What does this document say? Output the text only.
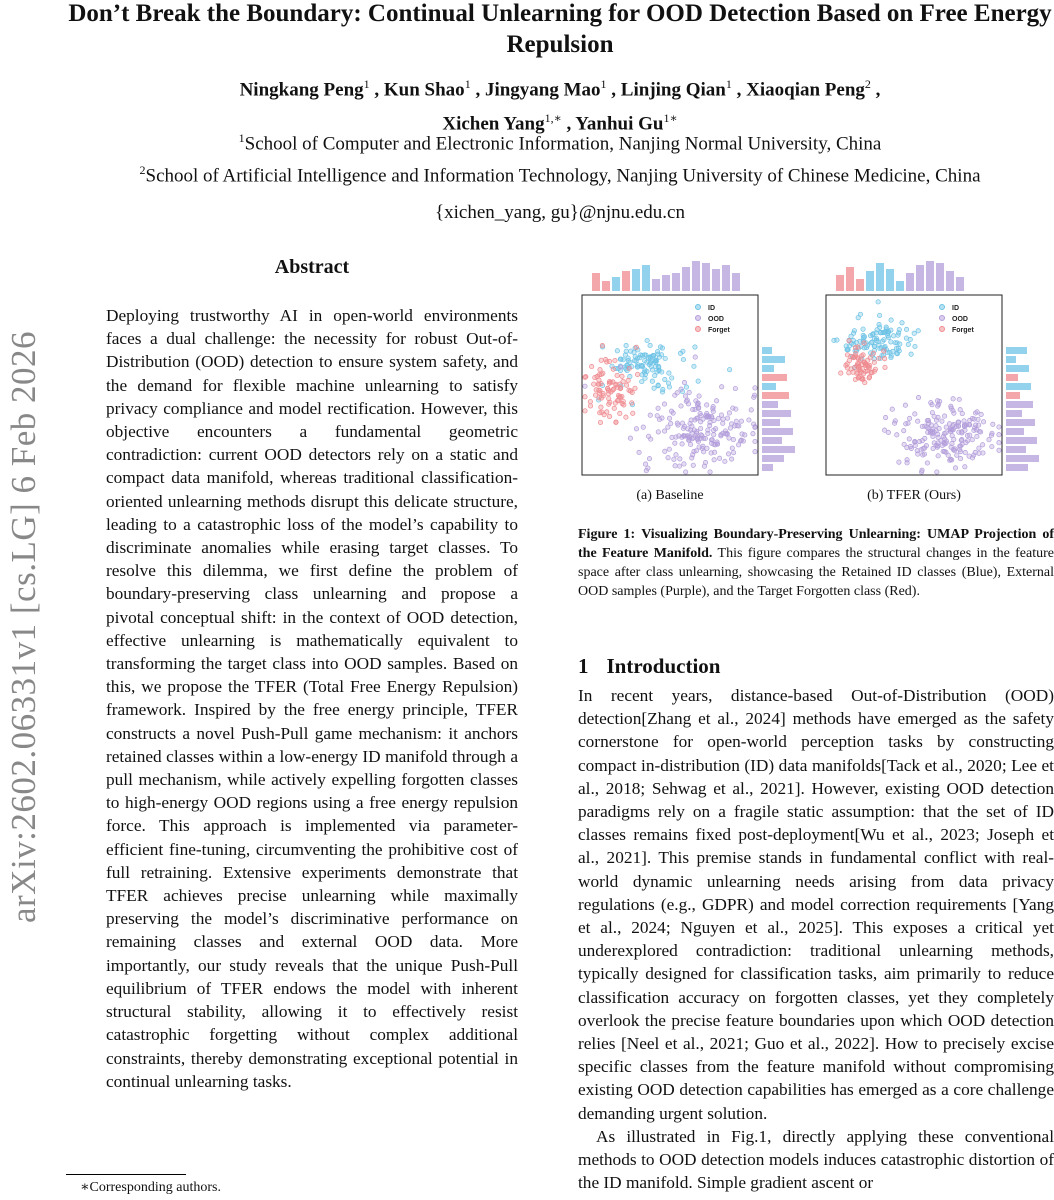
Don’t Break the Boundary: Continual Unlearning for OOD Detection Based on Free Energy Repulsion
Ningkang Peng$^1$ , Kun Shao$^1$ , Jingyang Mao$^1$ , Linjing Qian$^1$ , Xiaoqian Peng$^2$ ,
Xichen Yang$^{1,∗}$ , Yanhui $Gu^{1∗}$
$^1$School of Computer and Electronic Information, Nanjing Normal University, China
$^2$School of Artificial Intelligence and Information Technology, Nanjing University of Chinese Medicine, China
{xichen_yang, gu}@njnu.edu.cn
arXiv:2602.06331v1 [cs.LG] 6 Feb 2026
Abstract
Deploying trustworthy AI in open-world environments faces a dual challenge: the necessity for robust Out-of-Distribution (OOD) detection to ensure system safety, and the demand for flexible machine unlearning to satisfy privacy compliance and model rectification. However, this objective encounters a fundamental geometric contradiction: current OOD detectors rely on a static and compact data manifold, whereas traditional classification-oriented unlearning methods disrupt this delicate structure, leading to a catastrophic loss of the model’s capability to discriminate anomalies while erasing target classes. To resolve this dilemma, we first define the problem of boundary-preserving class unlearning and propose a pivotal conceptual shift: in the context of OOD detection, effective unlearning is mathematically equivalent to transforming the target class into OOD samples. Based on this, we propose the TFER (Total Free Energy Repulsion) framework. Inspired by the free energy principle, TFER constructs a novel Push-Pull game mechanism: it anchors retained classes within a low-energy ID manifold through a pull mechanism, while actively expelling forgotten classes to high-energy OOD regions using a free energy repulsion force. This approach is implemented via parameter-efficient fine-tuning, circumventing the prohibitive cost of full retraining. Extensive experiments demonstrate that TFER achieves precise unlearning while maximally preserving the model’s discriminative performance on remaining classes and external OOD data. More importantly, our study reveals that the unique Push-Pull equilibrium of TFER endows the model with inherent structural stability, allowing it to effectively resist catastrophic forgetting without complex additional constraints, thereby demonstrating exceptional potential in continual unlearning tasks.
∗Corresponding authors.
ID
OOD
Forget
(a) Baseline
ID
OOD
Forget
(b) TFER (Ours)
Figure 1: Visualizing Boundary-Preserving Unlearning: UMAP Projection of the Feature Manifold. This figure compares the structural changes in the feature space after class unlearning, showcasing the Retained ID classes (Blue), External OOD samples (Purple), and the Target Forgotten class (Red).
1 Introduction

In recent years, distance-based Out-of-Distribution (OOD) detection[Zhang et al., 2024] methods have emerged as the safety cornerstone for open-world perception tasks by constructing compact in-distribution (ID) data manifolds[Tack et al., 2020; Lee et al., 2018; Sehwag et al., 2021]. However, existing OOD detection paradigms rely on a fragile static assumption: that the set of ID classes remains fixed post-deployment[Wu et al., 2023; Joseph et al., 2021]. This premise stands in fundamental conflict with real-world dynamic unlearning needs arising from data privacy regulations (e.g., GDPR) and model correction requirements [Yang et al., 2024; Nguyen et al., 2025]. This exposes a critical yet underexplored contradiction: traditional unlearning methods, typically designed for classification tasks, aim primarily to reduce classification accuracy on forgotten classes, yet they completely overlook the precise feature boundaries upon which OOD detection relies [Neel et al., 2021; Guo et al., 2022]. How to precisely excise specific classes from the feature manifold without compromising existing OOD detection capabilities has emerged as a core challenge demanding urgent solution.

As illustrated in Fig.1, directly applying these conventional methods to OOD detection models induces catastrophic distortion of the ID manifold. Simple gradient ascent or
